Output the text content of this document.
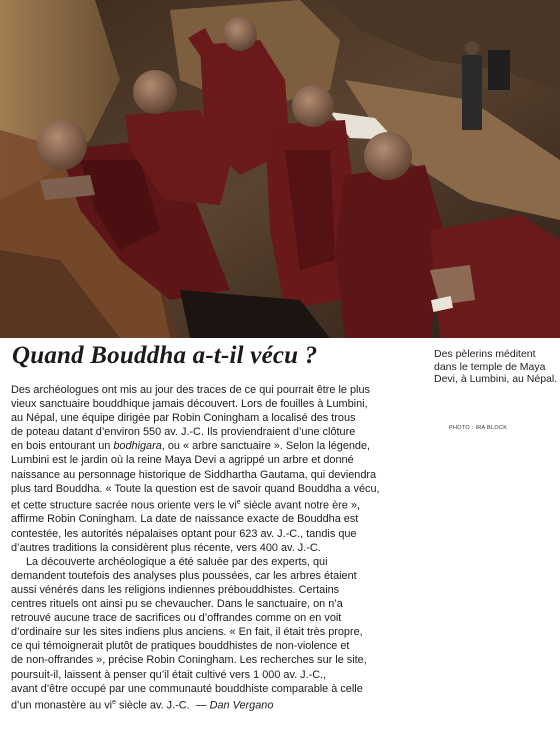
Quand Bouddha a-t-il vécu ?	Des pèlerins méditent dans le temple de Maya Devi, à Lumbini, au Népal.
PHOTO : IRA BLOCK
Des archéologues ont mis au jour des traces de ce qui pourrait être le plus
vieux sanctuaire bouddhique jamais découvert. Lors de fouilles à Lumbini,
au Népal, une équipe dirigée par Robin Coningham a localisé des trous
de poteau datant d’environ 550 av. J.-C. Ils proviendraient d’une clôture
en bois entourant un bodhigara, ou « arbre sanctuaire ». Selon la légende,
Lumbini est le jardin où la reine Maya Devi a agrippé un arbre et donné
naissance au personnage historique de Siddhartha Gautama, qui deviendra
plus tard Bouddha. « Toute la question est de savoir quand Bouddha a vécu,
et cette structure sacrée nous oriente vers le $vi^e$ siècle avant notre ère »,
affirme Robin Coningham. La date de naissance exacte de Bouddha est
contestée, les autorités népalaises optant pour 623 av. J.-C., tandis que
d’autres traditions la considèrent plus récente, vers 400 av. J.-C.
La découverte archéologique a été saluée par des experts, qui
demandent toutefois des analyses plus poussées, car les arbres étaient
aussi vénérés dans les religions indiennes prébouddhistes. Certains
centres rituels ont ainsi pu se chevaucher. Dans le sanctuaire, on n’a
retrouvé aucune trace de sacrifices ou d’offrandes comme on en voit
d’ordinaire sur les sites indiens plus anciens. « En fait, il était très propre,
ce qui témoignerait plutôt de pratiques bouddhistes de non-violence et
de non-offrandes », précise Robin Coningham. Les recherches sur le site,
poursuit-il, laissent à penser qu’il était cultivé vers 1 000 av. J.-C.,
avant d’être occupé par une communauté bouddhiste comparable à celle
d’un monastère au $vi^e$ siècle av. J.-C. — Dan Vergano
